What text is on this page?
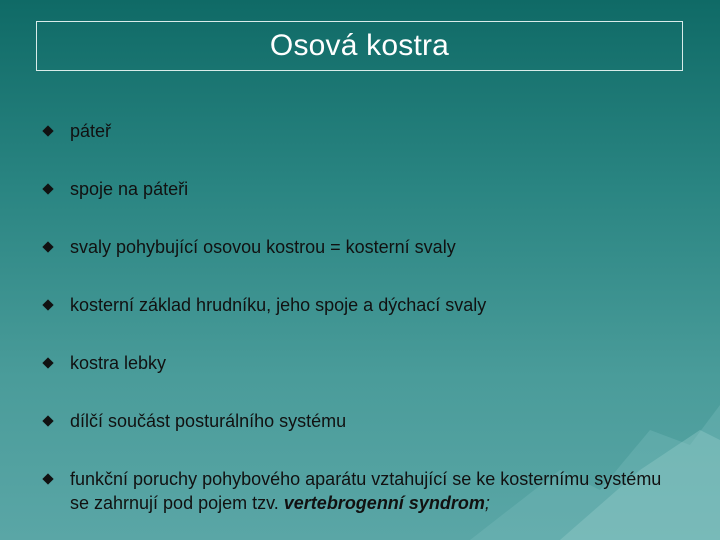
Osová kostra
páteř
spoje na páteři
svaly pohybující osovou kostrou = kosterní svaly
kosterní základ hrudníku, jeho spoje a dýchací svaly
kostra lebky
dílčí součást posturálního systému
funkční poruchy pohybového aparátu vztahující se ke kosternímu systému se zahrnují pod pojem tzv. vertebrogenní syndrom;
